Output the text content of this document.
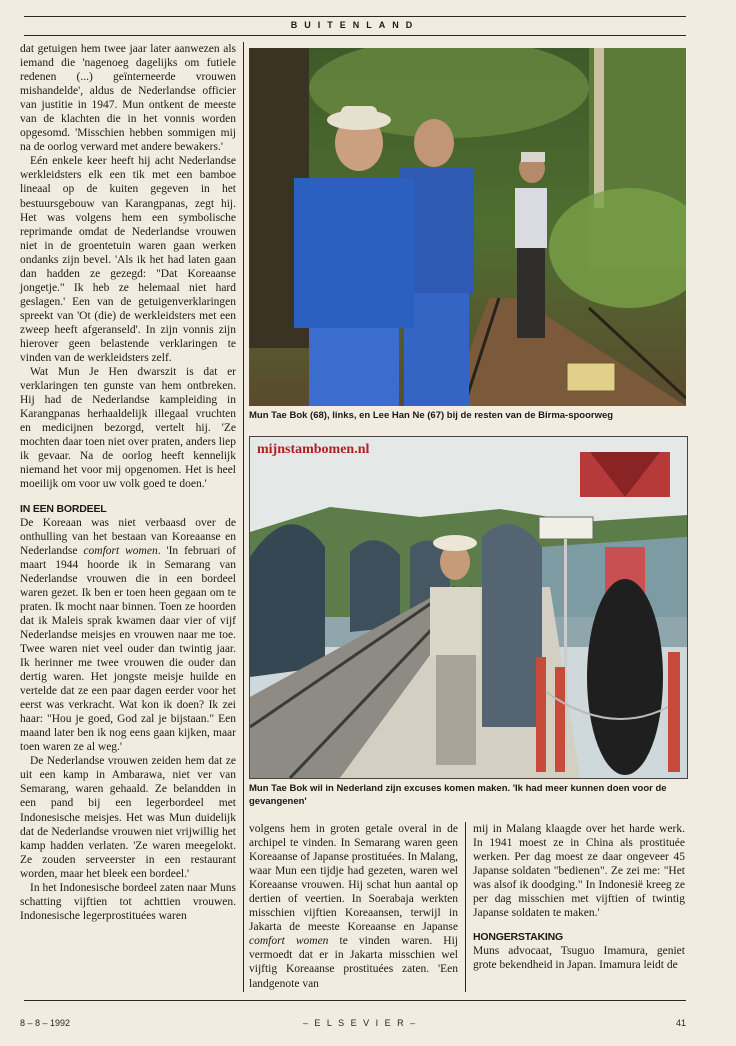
BUITENLAND

dat getuigen hem twee jaar later aanwezen als iemand die 'nagenoeg dagelijks om futiele redenen (...) geïnterneerde vrouwen mishandelde', aldus de Nederlandse officier van justitie in 1947. Mun ontkent de meeste van de klachten die in het vonnis worden opgesomd. 'Misschien hebben sommigen mij na de oorlog verward met andere bewakers.'

Eén enkele keer heeft hij acht Nederlandse werkleidsters elk een tik met een bamboe lineaal op de kuiten gegeven in het bestuursgebouw van Karangpanas, zegt hij. Het was volgens hem een symbolische reprimande omdat de Nederlandse vrouwen niet in de groentetuin waren gaan werken ondanks zijn bevel. 'Als ik het had laten gaan dan hadden ze gezegd: "Dat Koreaanse jongetje." Ik heb ze helemaal niet hard geslagen.' Een van de getuigenverklaringen spreekt van 'Ot (die) de werkleidsters met een zweep heeft afgeranseld'. In zijn vonnis zijn hierover geen belastende verklaringen te vinden van de werkleidsters zelf.

Wat Mun Je Hen dwarszit is dat er verklaringen ten gunste van hem ontbreken. Hij had de Nederlandse kampleiding in Karangpanas herhaaldelijk illegaal vruchten en medicijnen bezorgd, vertelt hij. 'Ze mochten daar toen niet over praten, anders liep ik gevaar. Na de oorlog heeft kennelijk niemand het voor mij opgenomen. Het is heel moeilijk om voor uw volk goed te doen.'

IN EEN BORDEEL

De Koreaan was niet verbaasd over de onthulling van het bestaan van Koreaanse en Nederlandse comfort women. 'In februari of maart 1944 hoorde ik in Semarang van Nederlandse vrouwen die in een bordeel waren gezet. Ik ben er toen heen gegaan om te praten. Ik mocht naar binnen. Toen ze hoorden dat ik Maleis sprak kwamen daar vier of vijf Nederlandse meisjes en vrouwen naar me toe. Twee waren niet veel ouder dan twintig jaar. Ik herinner me twee vrouwen die ouder dan dertig waren. Het jongste meisje huilde en vertelde dat ze een paar dagen eerder voor het eerst was verkracht. Wat kon ik doen? Ik zei haar: "Hou je goed, God zal je bijstaan." Een maand later ben ik nog eens gaan kijken, maar toen waren ze al weg.'

De Nederlandse vrouwen zeiden hem dat ze uit een kamp in Ambarawa, niet ver van Semarang, waren gehaald. Ze belandden in een pand bij een legerbordeel met Indonesische meisjes. Het was Mun duidelijk dat de Nederlandse vrouwen niet vrijwillig het kamp hadden verlaten. 'Ze waren meegelokt. Ze zouden serveerster in een restaurant worden, maar het bleek een bordeel.'

In het Indonesische bordeel zaten naar Muns schatting vijftien tot achttien vrouwen. Indonesische legerprostituées waren

Mun Tae Bok (68), links, en Lee Han Ne (67) bij de resten van de Birma-spoorweg
mijnstambomen.nl
Mun Tae Bok wil in Nederland zijn excuses komen maken. 'Ik had meer kunnen doen voor de gevangenen'

volgens hem in groten getale overal in de archipel te vinden. In Semarang waren geen Koreaanse of Japanse prostituées. In Malang, waar Mun een tijdje had gezeten, waren wel Koreaanse vrouwen. Hij schat hun aantal op dertien of veertien. In Soerabaja werkten misschien vijftien Koreaansen, terwijl in Jakarta de meeste Koreaanse en Japanse comfort women te vinden waren. Hij vermoedt dat er in Jakarta misschien wel vijftig Koreaanse prostituées zaten. 'Een landgenote van

mij in Malang klaagde over het harde werk. In 1941 moest ze in China als prostituée werken. Per dag moest ze daar ongeveer 45 Japanse soldaten "bedienen". Ze zei me: "Het was alsof ik doodging." In Indonesië kreeg ze per dag misschien met vijftien of twintig Japanse soldaten te maken.'

HONGERSTAKING

Muns advocaat, Tsuguo Imamura, geniet grote bekendheid in Japan. Imamura leidt de

8 – 8 – 1992	– E L S E V I E R –	41
